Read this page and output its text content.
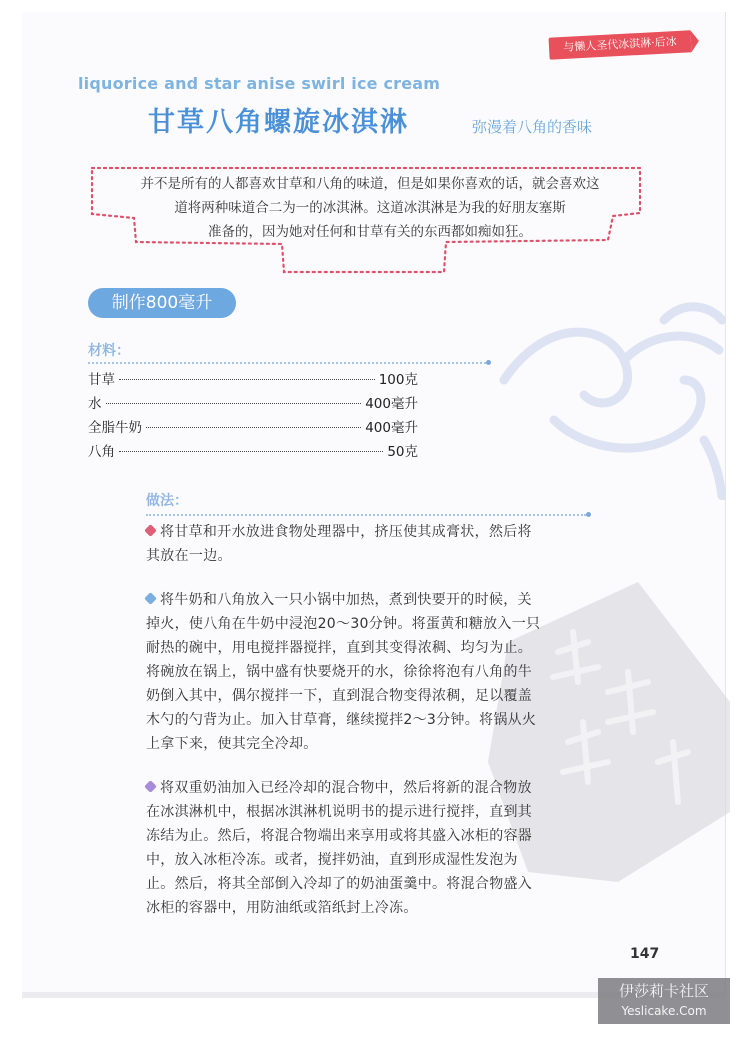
与懒人圣代冰淇淋·后冰
liquorice and star anise swirl ice cream
甘草八角螺旋冰淇淋	弥漫着八角的香味
并不是所有的人都喜欢甘草和八角的味道，但是如果你喜欢的话，就会喜欢这
道将两种味道合二为一的冰淇淋。这道冰淇淋是为我的好朋友塞斯
准备的，因为她对任何和甘草有关的东西都如痴如狂。
制作800毫升
材料：
甘草	100克
水	400毫升
全脂牛奶	400毫升
八角	50克
做法：
将甘草和开水放进食物处理器中，挤压使其成膏状，然后将其放在一边。
将牛奶和八角放入一只小锅中加热，煮到快要开的时候，关掉火，使八角在牛奶中浸泡20～30分钟。将蛋黄和糖放入一只耐热的碗中，用电搅拌器搅拌，直到其变得浓稠、均匀为止。将碗放在锅上，锅中盛有快要烧开的水，徐徐将泡有八角的牛奶倒入其中，偶尔搅拌一下，直到混合物变得浓稠，足以覆盖木勺的勺背为止。加入甘草膏，继续搅拌2～3分钟。将锅从火上拿下来，使其完全冷却。
将双重奶油加入已经冷却的混合物中，然后将新的混合物放在冰淇淋机中，根据冰淇淋机说明书的提示进行搅拌，直到其冻结为止。然后，将混合物端出来享用或将其盛入冰柜的容器中，放入冰柜冷冻。或者，搅拌奶油，直到形成湿性发泡为止。然后，将其全部倒入冷却了的奶油蛋羹中。将混合物盛入冰柜的容器中，用防油纸或箔纸封上冷冻。
147
伊莎莉卡社区
Yeslicake.Com
